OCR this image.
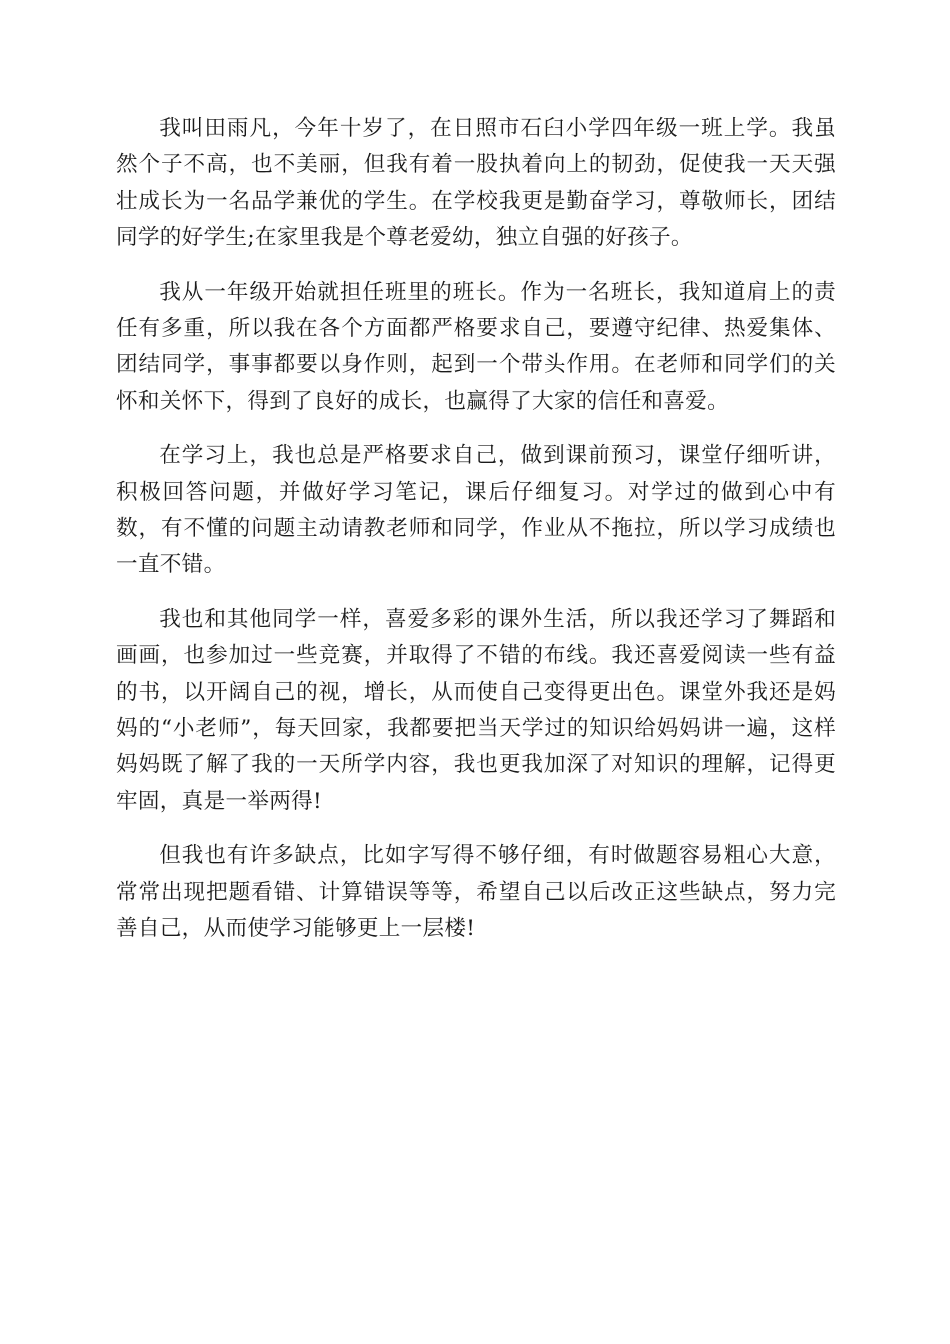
我叫田雨凡，今年十岁了，在日照市石臼小学四年级一班上学。我虽然个子不高，也不美丽，但我有着一股执着向上的韧劲，促使我一天天强壮成长为一名品学兼优的学生。在学校我更是勤奋学习，尊敬师长，团结同学的好学生;在家里我是个尊老爱幼，独立自强的好孩子。

我从一年级开始就担任班里的班长。作为一名班长，我知道肩上的责任有多重，所以我在各个方面都严格要求自己，要遵守纪律、热爱集体、团结同学，事事都要以身作则，起到一个带头作用。在老师和同学们的关怀和关怀下，得到了良好的成长，也赢得了大家的信任和喜爱。

在学习上，我也总是严格要求自己，做到课前预习，课堂仔细听讲，积极回答问题，并做好学习笔记，课后仔细复习。对学过的做到心中有数，有不懂的问题主动请教老师和同学，作业从不拖拉，所以学习成绩也一直不错。

我也和其他同学一样，喜爱多彩的课外生活，所以我还学习了舞蹈和画画，也参加过一些竞赛，并取得了不错的布线。我还喜爱阅读一些有益的书，以开阔自己的视，增长，从而使自己变得更出色。课堂外我还是妈妈的“小老师”，每天回家，我都要把当天学过的知识给妈妈讲一遍，这样妈妈既了解了我的一天所学内容，我也更我加深了对知识的理解，记得更牢固，真是一举两得!

但我也有许多缺点，比如字写得不够仔细，有时做题容易粗心大意，常常出现把题看错、计算错误等等，希望自己以后改正这些缺点，努力完善自己，从而使学习能够更上一层楼!
